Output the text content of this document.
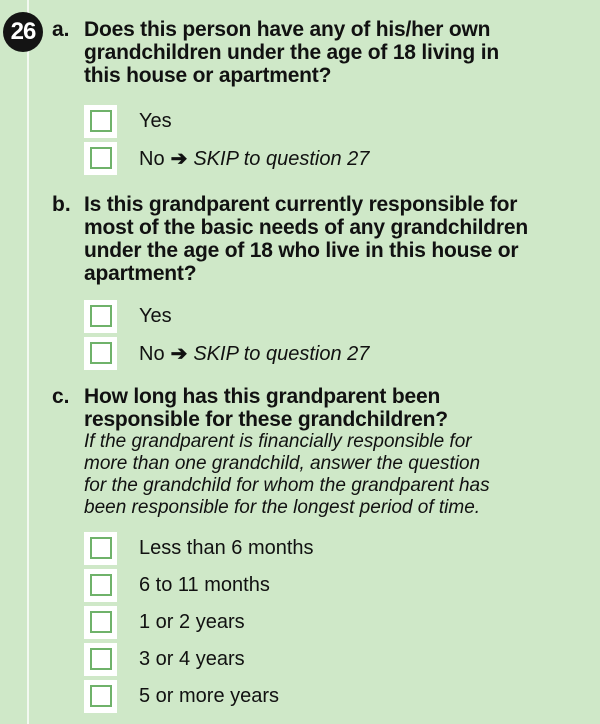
26 a. Does this person have any of his/her own
grandchildren under the age of 18 living in
this house or apartment?
Yes
No ➔ SKIP to question 27
b. Is this grandparent currently responsible for
most of the basic needs of any grandchildren
under the age of 18 who live in this house or
apartment?
Yes
No ➔ SKIP to question 27
c. How long has this grandparent been
responsible for these grandchildren?
If the grandparent is financially responsible for
more than one grandchild, answer the question
for the grandchild for whom the grandparent has
been responsible for the longest period of time.
Less than 6 months
6 to 11 months
1 or 2 years
3 or 4 years
5 or more years
